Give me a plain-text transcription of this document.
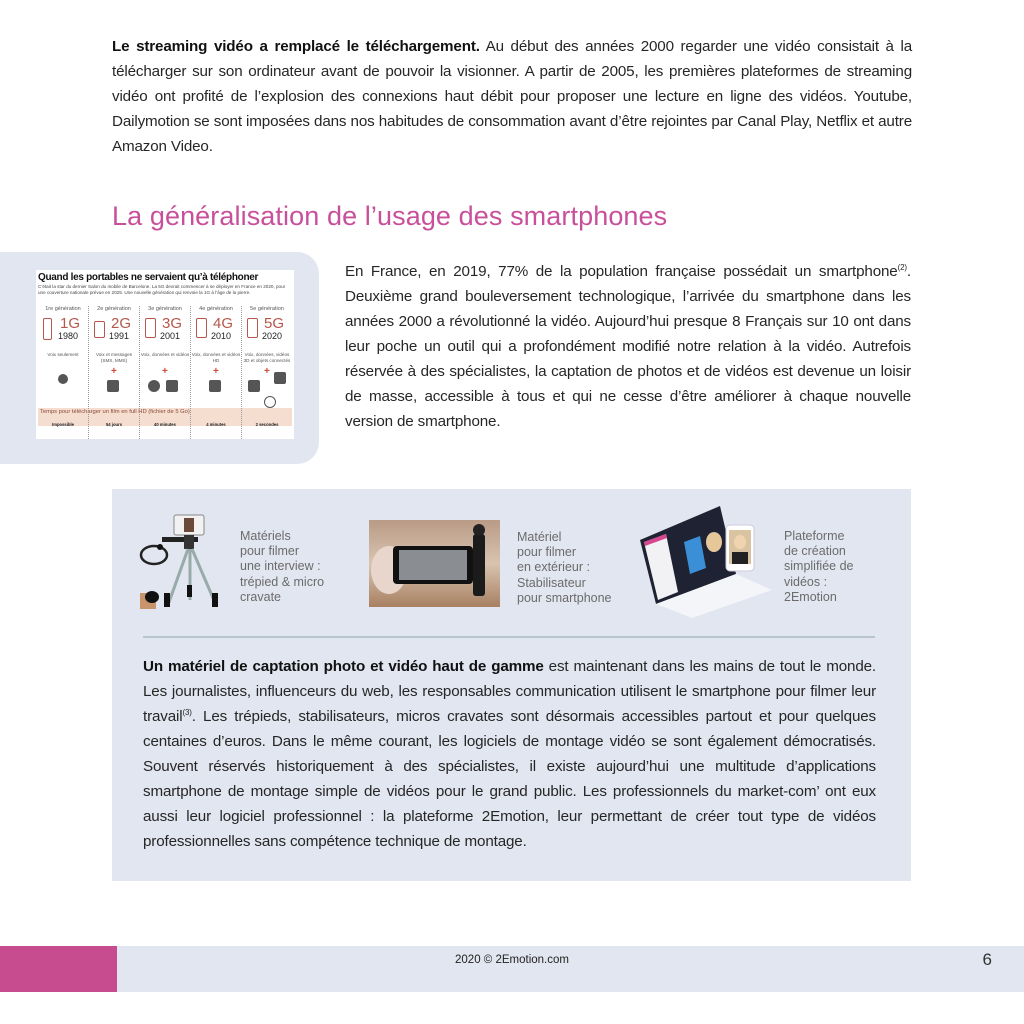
Le streaming vidéo a remplacé le téléchargement. Au début des années 2000 regarder une vidéo consistait à la télécharger sur son ordinateur avant de pouvoir la visionner. A partir de 2005, les premières plateformes de streaming vidéo ont profité de l’explosion des connexions haut débit pour proposer une lecture en ligne des vidéos. Youtube, Dailymotion se sont imposées dans nos habitudes de consommation avant d’être rejointes par Canal Play, Netflix et autre Amazon Video.

La généralisation de l’usage des smartphones
Quand les portables ne servaient qu’à téléphoner
C’était la star du dernier Salon du mobile de Barcelone. La 5G devrait commencer à se déployer en France en 2020, pour une couverture nationale prévue en 2025. Une nouvelle génération qui renvoie la 1G à l’âge de la pierre.
Temps pour télécharger un film en full HD (fichier de 5 Go)
1re génération
1G
1980
Voix seulement
Impossible
2e génération
2G
1991
Voix et messages (SMS, MMS)
+
54 jours
3e génération
3G
2001
Voix, données et vidéos
+
40 minutes
4e génération
4G
2010
Voix, données et vidéos HD
+
4 minutes
5e génération
5G
2020
Voix, données, vidéos 3D et objets connectés
+
2 secondes

En France, en 2019, 77% de la population française possédait un smartphone$^{(2)}$. Deuxième grand bouleversement technologique, l’arrivée du smartphone dans les années 2000 a révolutionné la vidéo. Aujourd’hui presque 8 Français sur 10 ont dans leur poche un outil qui a profondément modifié notre relation à la vidéo. Autrefois réservée à des spécialistes, la captation de photos et de vidéos est devenue un loisir de masse, accessible à tous et qui ne cesse d’être améliorer à chaque nouvelle version de smartphone.

Matériels
pour filmer
une interview :
trépied & micro
cravate
Matériel
pour filmer
en extérieur :
Stabilisateur
pour smartphone
Plateforme
de création
simplifiée de
vidéos :
2Emotion

Un matériel de captation photo et vidéo haut de gamme est maintenant dans les mains de tout le monde. Les journalistes, influenceurs du web, les responsables communication utilisent le smartphone pour filmer leur travail$^{(3)}$. Les trépieds, stabilisateurs, micros cravates sont désormais accessibles partout et pour quelques centaines d’euros. Dans le même courant, les logiciels de montage vidéo se sont également démocratisés. Souvent réservés historiquement à des spécialistes, il existe aujourd’hui une multitude d’applications smartphone de montage simple de vidéos pour le grand public. Les professionnels du market-com’ ont eux aussi leur logiciel professionnel : la plateforme 2Emotion, leur permettant de créer tout type de vidéos professionnelles sans compétence technique de montage.

2020 © 2Emotion.com	6
